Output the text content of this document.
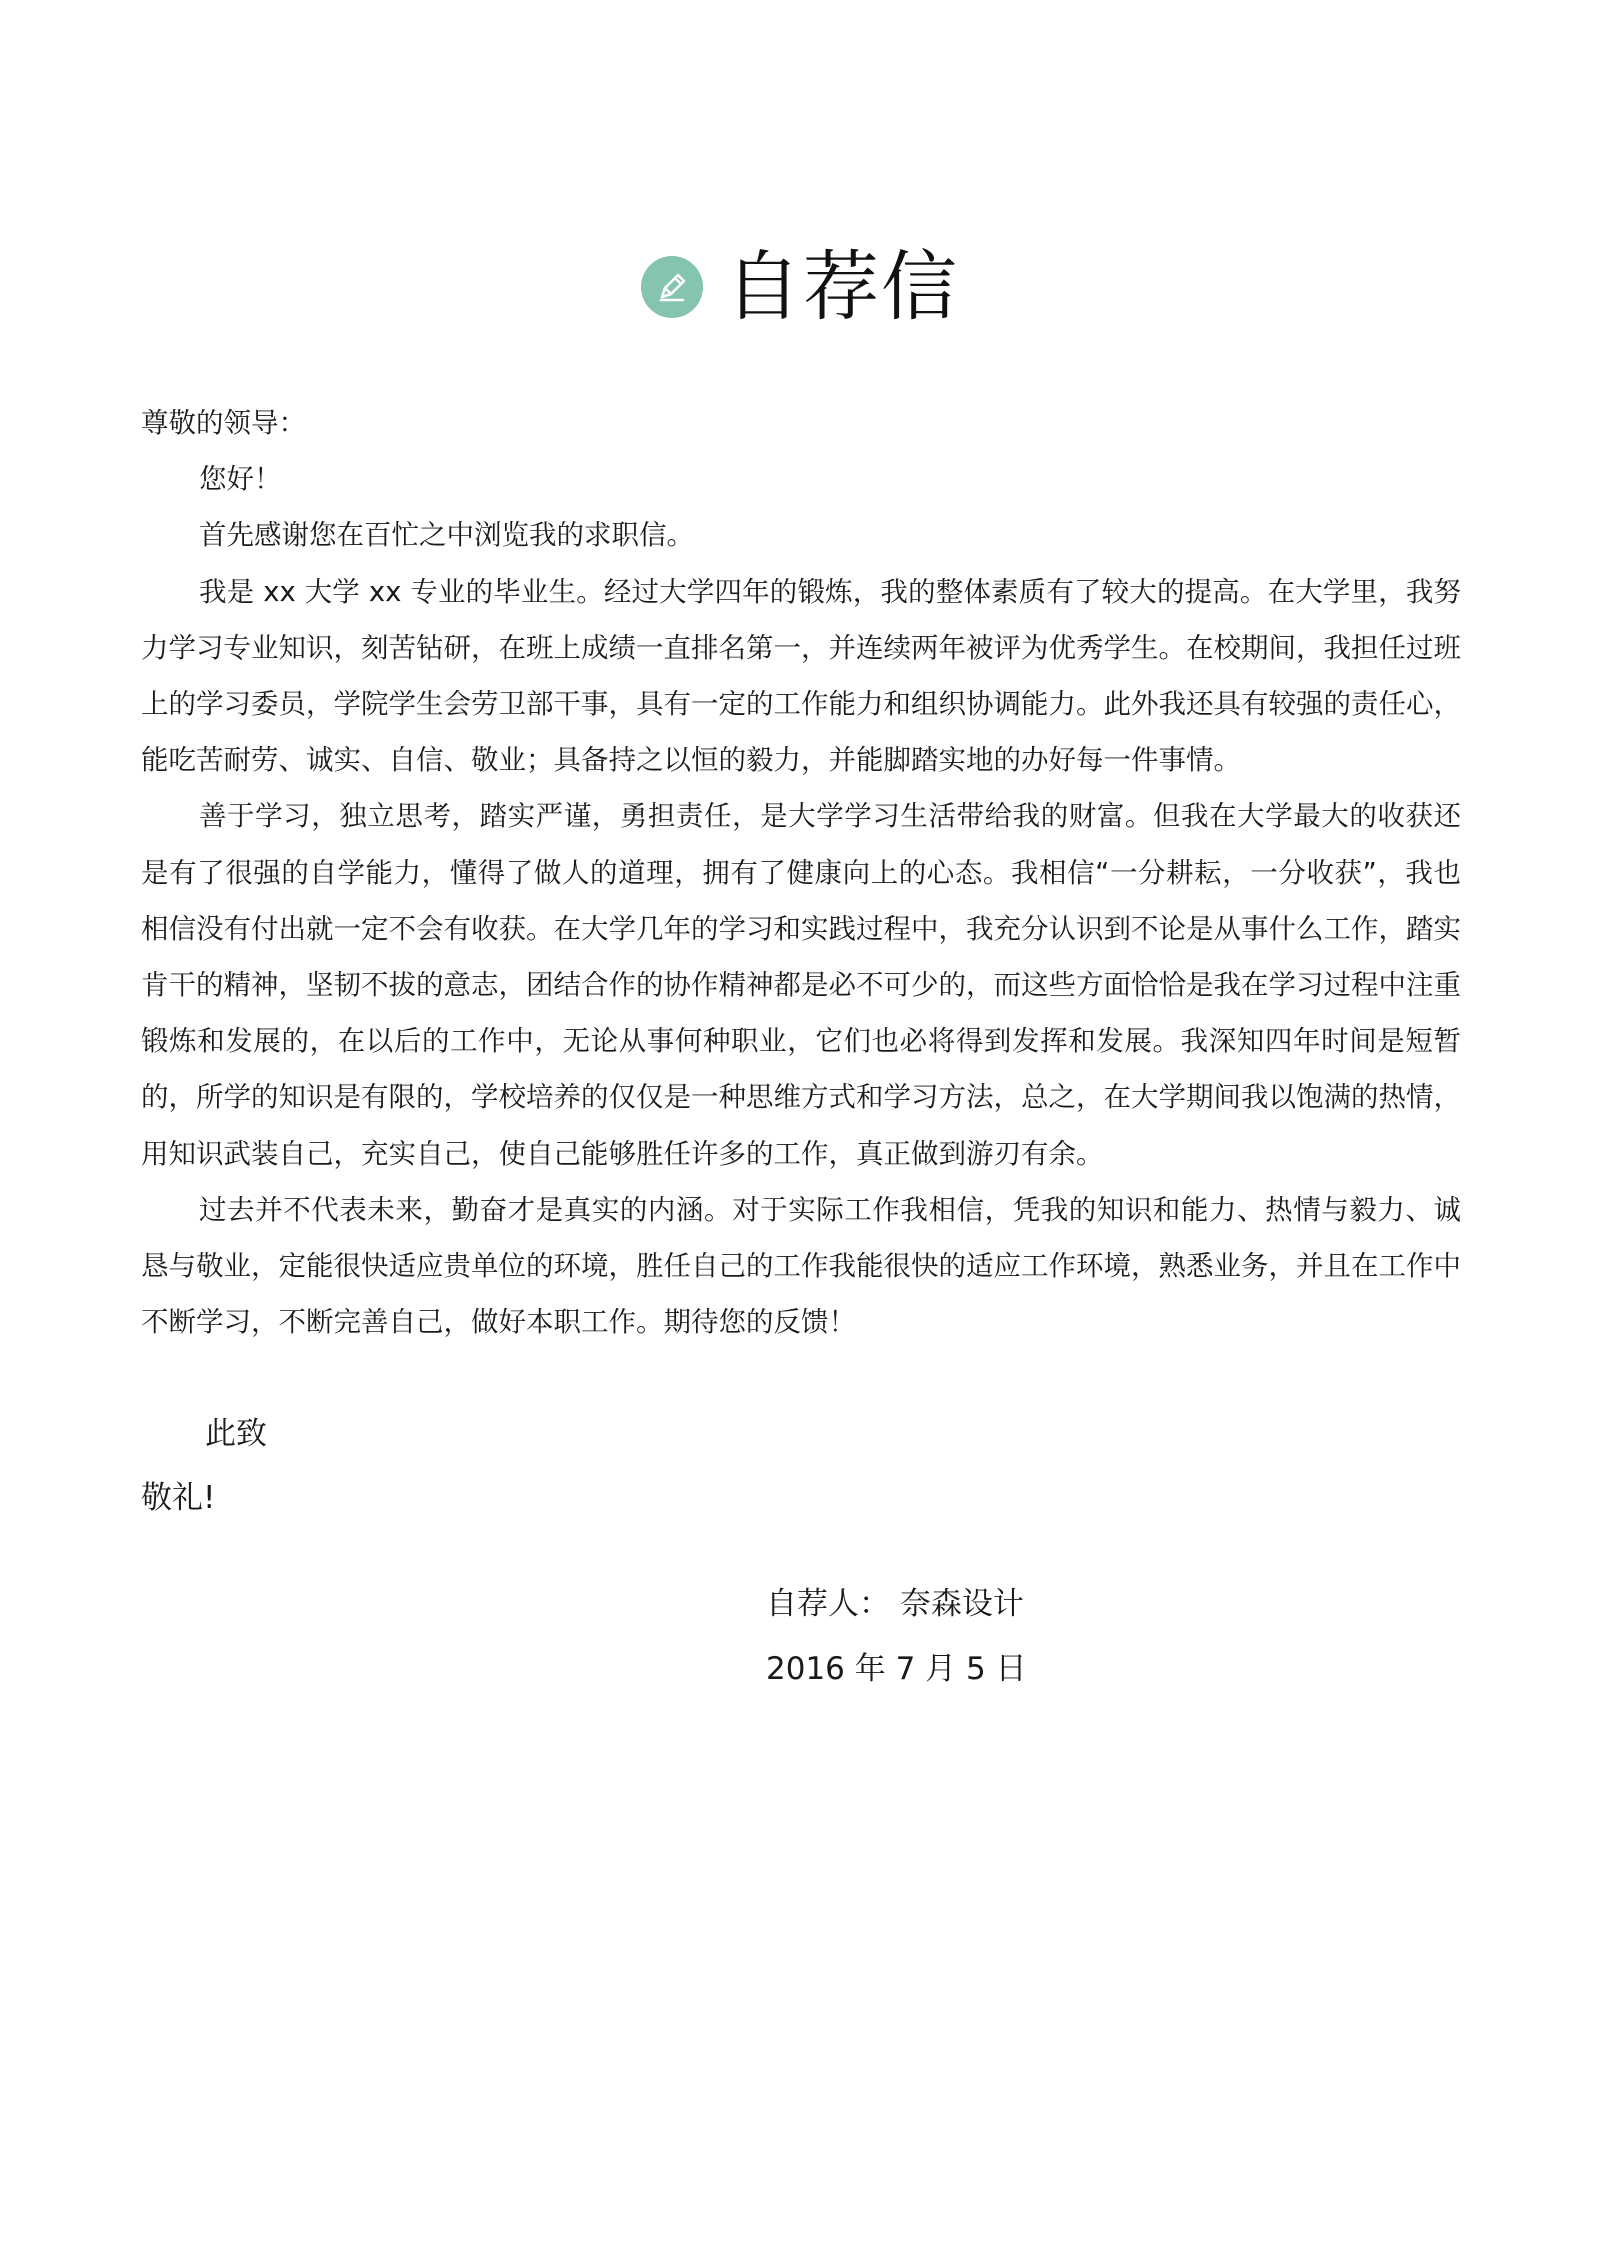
自荐信

尊敬的领导：

您好！

首先感谢您在百忙之中浏览我的求职信。

我是 xx 大学 xx 专业的毕业生。经过大学四年的锻炼，我的整体素质有了较大的提高。在大学里，我努力学习专业知识，刻苦钻研，在班上成绩一直排名第一，并连续两年被评为优秀学生。在校期间，我担任过班上的学习委员，学院学生会劳卫部干事，具有一定的工作能力和组织协调能力。此外我还具有较强的责任心，能吃苦耐劳、诚实、自信、敬业；具备持之以恒的毅力，并能脚踏实地的办好每一件事情。

善于学习，独立思考，踏实严谨，勇担责任，是大学学习生活带给我的财富。但我在大学最大的收获还是有了很强的自学能力，懂得了做人的道理，拥有了健康向上的心态。我相信“一分耕耘，一分收获”，我也相信没有付出就一定不会有收获。在大学几年的学习和实践过程中，我充分认识到不论是从事什么工作，踏实肯干的精神，坚韧不拔的意志，团结合作的协作精神都是必不可少的，而这些方面恰恰是我在学习过程中注重锻炼和发展的，在以后的工作中，无论从事何种职业，它们也必将得到发挥和发展。我深知四年时间是短暂的，所学的知识是有限的，学校培养的仅仅是一种思维方式和学习方法，总之，在大学期间我以饱满的热情，用知识武装自己，充实自己，使自己能够胜任许多的工作，真正做到游刃有余。

过去并不代表未来，勤奋才是真实的内涵。对于实际工作我相信，凭我的知识和能力、热情与毅力、诚恳与敬业，定能很快适应贵单位的环境，胜任自己的工作我能很快的适应工作环境，熟悉业务，并且在工作中不断学习，不断完善自己，做好本职工作。期待您的反馈！

此致
敬礼!
自荐人： 奈森设计
2016 年 7 月 5 日
